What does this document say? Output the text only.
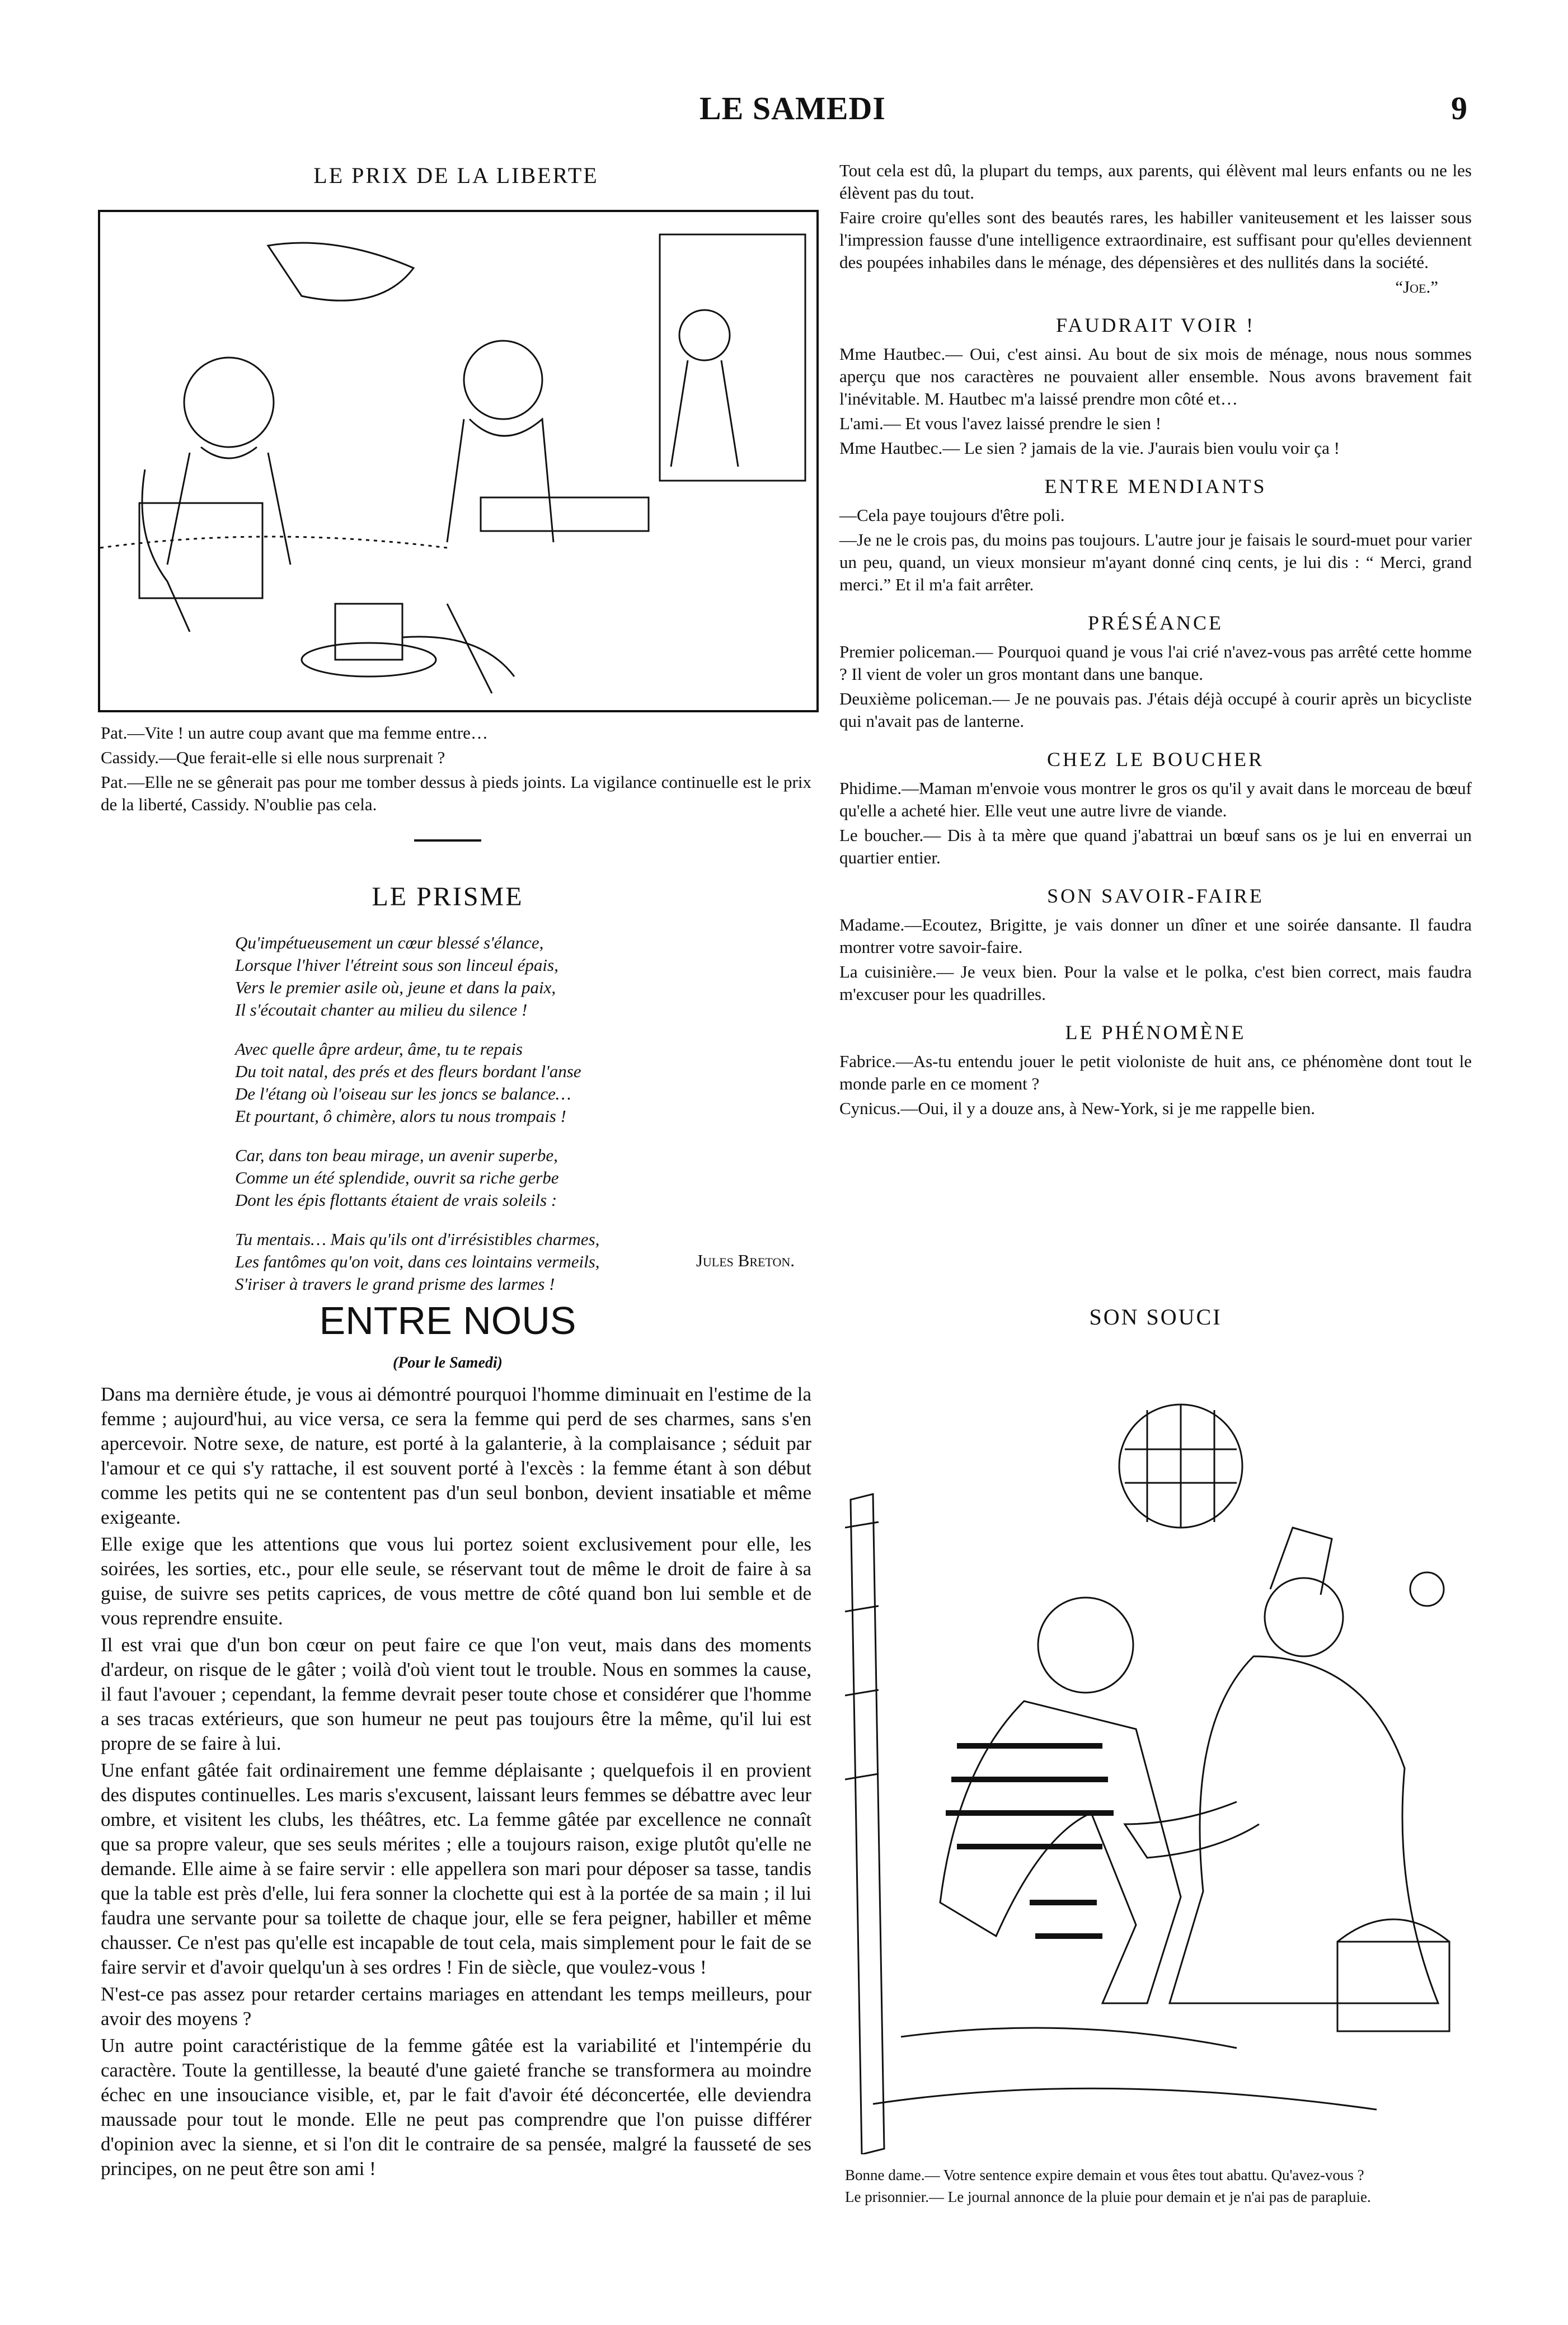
LE SAMEDI	9
LE PRIX DE LA LIBERTE

Pat.—Vite ! un autre coup avant que ma femme entre…

Cassidy.—Que ferait-elle si elle nous surprenait ?

Pat.—Elle ne se gênerait pas pour me tomber dessus à pieds joints. La vigilance continuelle est le prix de la liberté, Cassidy. N'oublie pas cela.

LE PRISME
Qu'impétueusement un cœur blessé s'élance,
Lorsque l'hiver l'étreint sous son linceul épais,
Vers le premier asile où, jeune et dans la paix,
Il s'écoutait chanter au milieu du silence !
Avec quelle âpre ardeur, âme, tu te repais
Du toit natal, des prés et des fleurs bordant l'anse
De l'étang où l'oiseau sur les joncs se balance…
Et pourtant, ô chimère, alors tu nous trompais !
Car, dans ton beau mirage, un avenir superbe,
Comme un été splendide, ouvrit sa riche gerbe
Dont les épis flottants étaient de vrais soleils :
Tu mentais… Mais qu'ils ont d'irrésistibles charmes,
Les fantômes qu'on voit, dans ces lointains vermeils,
S'iriser à travers le grand prisme des larmes !
Jules Breton.
ENTRE NOUS
(Pour le Samedi)

Dans ma dernière étude, je vous ai démontré pourquoi l'homme diminuait en l'estime de la femme ; aujourd'hui, au vice versa, ce sera la femme qui perd de ses charmes, sans s'en apercevoir. Notre sexe, de nature, est porté à la galanterie, à la complaisance ; séduit par l'amour et ce qui s'y rattache, il est souvent porté à l'excès : la femme étant à son début comme les petits qui ne se contentent pas d'un seul bonbon, devient insatiable et même exigeante.

Elle exige que les attentions que vous lui portez soient exclusivement pour elle, les soirées, les sorties, etc., pour elle seule, se réservant tout de même le droit de faire à sa guise, de suivre ses petits caprices, de vous mettre de côté quand bon lui semble et de vous reprendre ensuite.

Il est vrai que d'un bon cœur on peut faire ce que l'on veut, mais dans des moments d'ardeur, on risque de le gâter ; voilà d'où vient tout le trouble. Nous en sommes la cause, il faut l'avouer ; cependant, la femme devrait peser toute chose et considérer que l'homme a ses tracas extérieurs, que son humeur ne peut pas toujours être la même, qu'il lui est propre de se faire à lui.

Une enfant gâtée fait ordinairement une femme déplaisante ; quelquefois il en provient des disputes continuelles. Les maris s'excusent, laissant leurs femmes se débattre avec leur ombre, et visitent les clubs, les théâtres, etc. La femme gâtée par excellence ne connaît que sa propre valeur, que ses seuls mérites ; elle a toujours raison, exige plutôt qu'elle ne demande. Elle aime à se faire servir : elle appellera son mari pour déposer sa tasse, tandis que la table est près d'elle, lui fera sonner la clochette qui est à la portée de sa main ; il lui faudra une servante pour sa toilette de chaque jour, elle se fera peigner, habiller et même chausser. Ce n'est pas qu'elle est incapable de tout cela, mais simplement pour le fait de se faire servir et d'avoir quelqu'un à ses ordres ! Fin de siècle, que voulez-vous !

N'est-ce pas assez pour retarder certains mariages en attendant les temps meilleurs, pour avoir des moyens ?

Un autre point caractéristique de la femme gâtée est la variabilité et l'intempérie du caractère. Toute la gentillesse, la beauté d'une gaieté franche se transformera au moindre échec en une insouciance visible, et, par le fait d'avoir été déconcertée, elle deviendra maussade pour tout le monde. Elle ne peut pas comprendre que l'on puisse différer d'opinion avec la sienne, et si l'on dit le contraire de sa pensée, malgré la fausseté de ses principes, on ne peut être son ami !

Tout cela est dû, la plupart du temps, aux parents, qui élèvent mal leurs enfants ou ne les élèvent pas du tout.

Faire croire qu'elles sont des beautés rares, les habiller vaniteusement et les laisser sous l'impression fausse d'une intelligence extraordinaire, est suffisant pour qu'elles deviennent des poupées inhabiles dans le ménage, des dépensières et des nullités dans la société.

“Joe.”
FAUDRAIT VOIR !

Mme Hautbec.— Oui, c'est ainsi. Au bout de six mois de ménage, nous nous sommes aperçu que nos caractères ne pouvaient aller ensemble. Nous avons bravement fait l'inévitable. M. Hautbec m'a laissé prendre mon côté et…

L'ami.— Et vous l'avez laissé prendre le sien !

Mme Hautbec.— Le sien ? jamais de la vie. J'aurais bien voulu voir ça !

ENTRE MENDIANTS

—Cela paye toujours d'être poli.

—Je ne le crois pas, du moins pas toujours. L'autre jour je faisais le sourd-muet pour varier un peu, quand, un vieux monsieur m'ayant donné cinq cents, je lui dis : “ Merci, grand merci.” Et il m'a fait arrêter.

PRÉSÉANCE

Premier policeman.— Pourquoi quand je vous l'ai crié n'avez-vous pas arrêté cette homme ? Il vient de voler un gros montant dans une banque.

Deuxième policeman.— Je ne pouvais pas. J'étais déjà occupé à courir après un bicycliste qui n'avait pas de lanterne.

CHEZ LE BOUCHER

Phidime.—Maman m'envoie vous montrer le gros os qu'il y avait dans le morceau de bœuf qu'elle a acheté hier. Elle veut une autre livre de viande.

Le boucher.— Dis à ta mère que quand j'abattrai un bœuf sans os je lui en enverrai un quartier entier.

SON SAVOIR-FAIRE

Madame.—Ecoutez, Brigitte, je vais donner un dîner et une soirée dansante. Il faudra montrer votre savoir-faire.

La cuisinière.— Je veux bien. Pour la valse et le polka, c'est bien correct, mais faudra m'excuser pour les quadrilles.

LE PHÉNOMÈNE

Fabrice.—As-tu entendu jouer le petit violoniste de huit ans, ce phénomène dont tout le monde parle en ce moment ?

Cynicus.—Oui, il y a douze ans, à New-York, si je me rappelle bien.

SON SOUCI

Bonne dame.— Votre sentence expire demain et vous êtes tout abattu. Qu'avez-vous ?

Le prisonnier.— Le journal annonce de la pluie pour demain et je n'ai pas de parapluie.
